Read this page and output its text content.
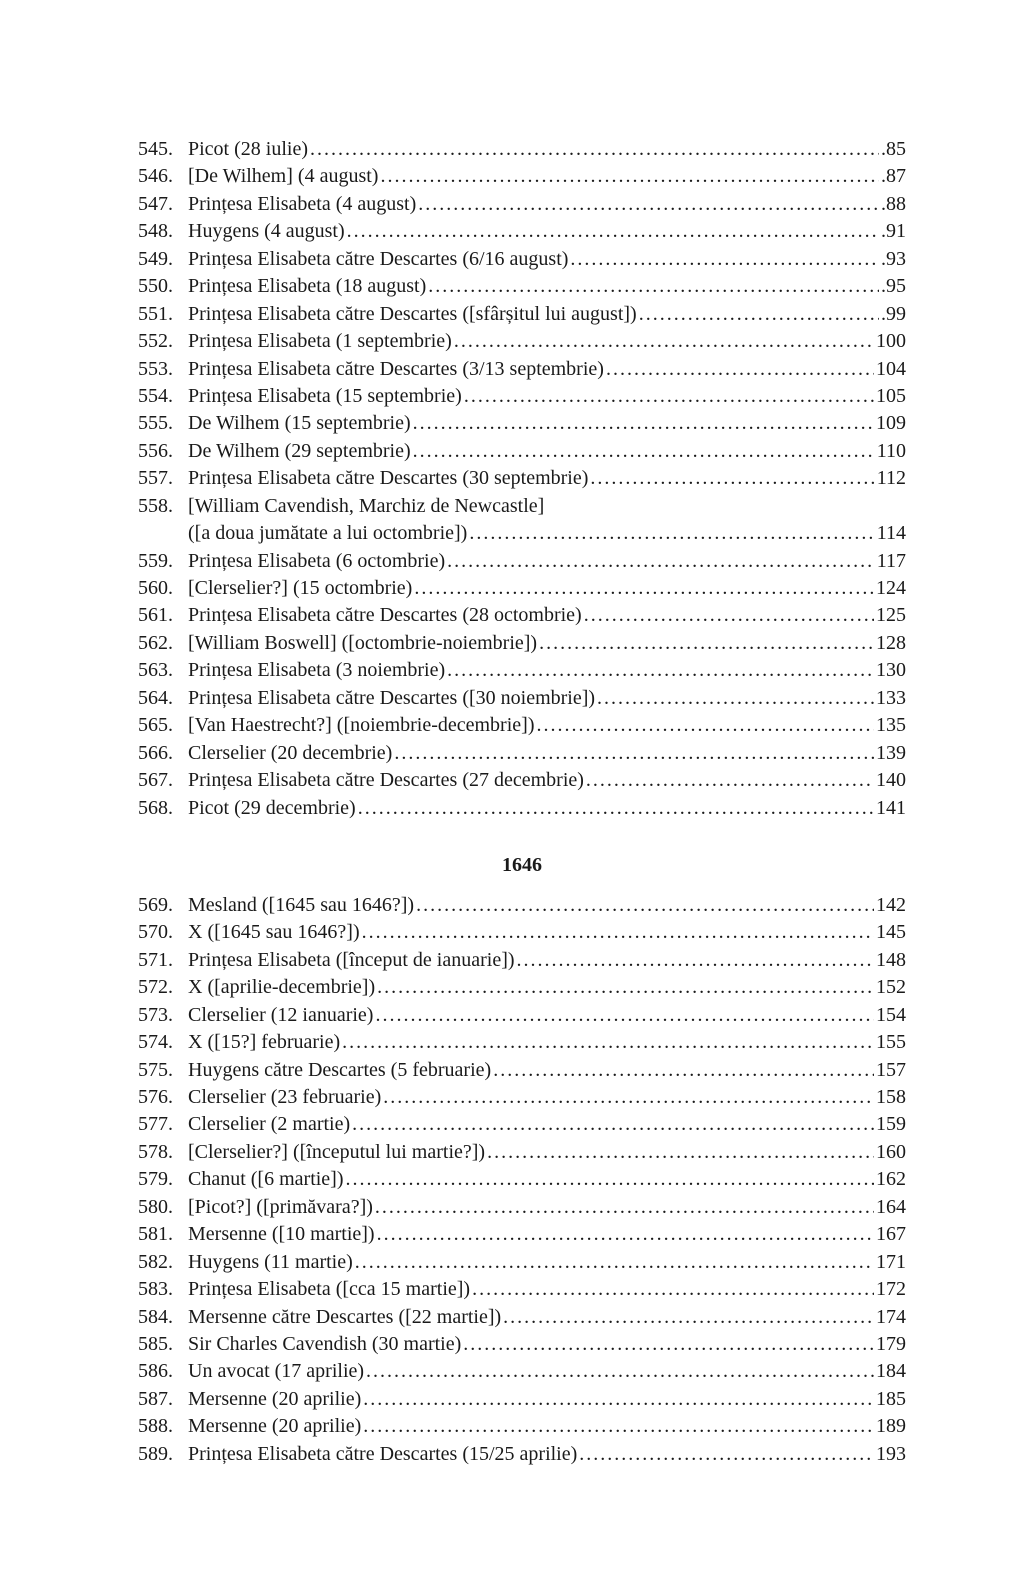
545. Picot (28 iulie) . . .	.85
546. [De Wilhem] (4 august) . . .	.87
547. Prințesa Elisabeta (4 august) . . .	.88
548. Huygens (4 august) . . .	.91
549. Prințesa Elisabeta către Descartes (6/16 august) . . .	.93
550. Prințesa Elisabeta (18 august) . . .	.95
551. Prințesa Elisabeta către Descartes ([sfârșitul lui august]) . . .	.99
552. Prințesa Elisabeta (1 septembrie) . . .	100
553. Prințesa Elisabeta către Descartes (3/13 septembrie) . . .	104
554. Prințesa Elisabeta (15 septembrie) . . .	105
555. De Wilhem (15 septembrie) . . .	109
556. De Wilhem (29 septembrie) . . .	110
557. Prințesa Elisabeta către Descartes (30 septembrie) . . .	112
558. [William Cavendish, Marchiz de Newcastle]
([a doua jumătate a lui octombrie]) . . .	114
559. Prințesa Elisabeta (6 octombrie) . . .	117
560. [Clerselier?] (15 octombrie) . . .	124
561. Prințesa Elisabeta către Descartes (28 octombrie) . . .	125
562. [William Boswell] ([octombrie-noiembrie]) . . .	128
563. Prințesa Elisabeta (3 noiembrie) . . .	130
564. Prințesa Elisabeta către Descartes ([30 noiembrie]) . . .	133
565. [Van Haestrecht?] ([noiembrie-decembrie]) . . .	135
566. Clerselier (20 decembrie) . . .	139
567. Prințesa Elisabeta către Descartes (27 decembrie) . . .	140
568. Picot (29 decembrie) . . .	141
1646
569. Mesland ([1645 sau 1646?]) . . .	142
570. X ([1645 sau 1646?]) . . .	145
571. Prințesa Elisabeta ([început de ianuarie]) . . .	148
572. X ([aprilie-decembrie]) . . .	152
573. Clerselier (12 ianuarie) . . .	154
574. X ([15?] februarie) . . .	155
575. Huygens către Descartes (5 februarie) . . .	157
576. Clerselier (23 februarie) . . .	158
577. Clerselier (2 martie) . . .	159
578. [Clerselier?] ([începutul lui martie?]) . . .	160
579. Chanut ([6 martie]) . . .	162
580. [Picot?] ([primăvara?]) . . .	164
581. Mersenne ([10 martie]) . . .	167
582. Huygens (11 martie) . . .	171
583. Prințesa Elisabeta ([cca 15 martie]) . . .	172
584. Mersenne către Descartes ([22 martie]) . . .	174
585. Sir Charles Cavendish (30 martie) . . .	179
586. Un avocat (17 aprilie) . . .	184
587. Mersenne (20 aprilie) . . .	185
588. Mersenne (20 aprilie) . . .	189
589. Prințesa Elisabeta către Descartes (15/25 aprilie) . . .	193
